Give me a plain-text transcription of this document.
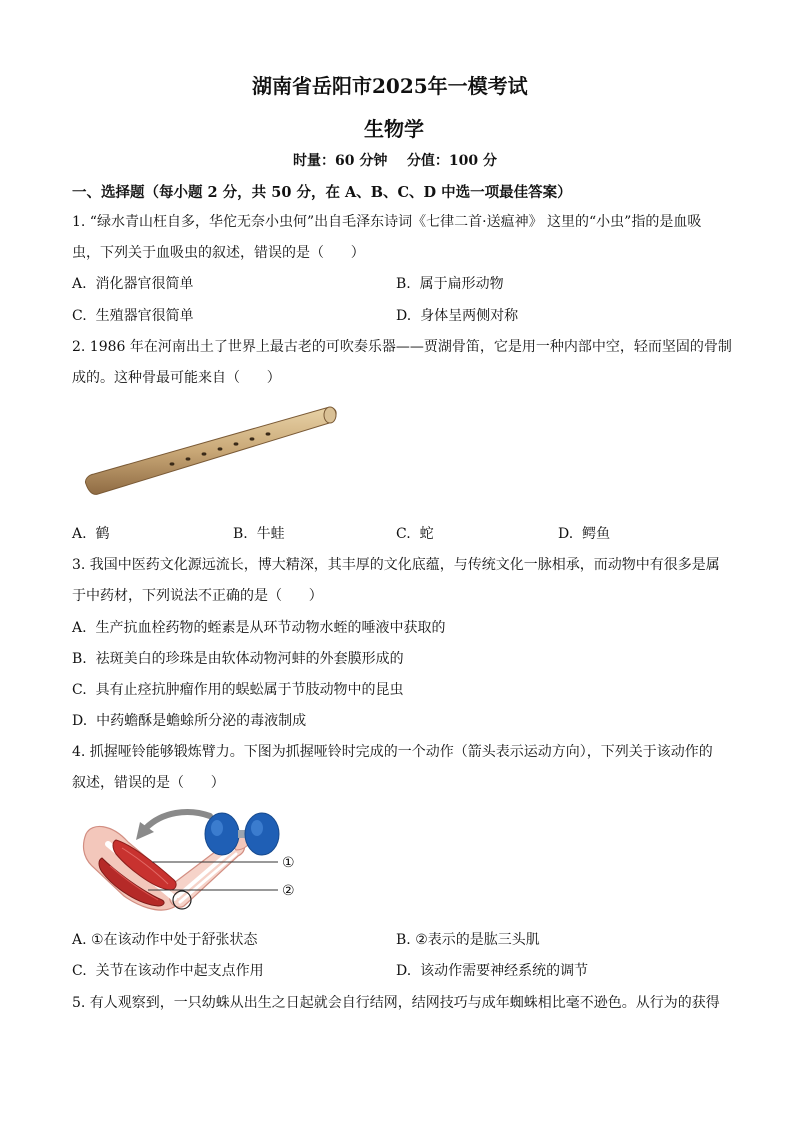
湖南省岳阳市2025年一模考试
生物学
时量：60 分钟    分值：100 分
一、选择题（每小题 2 分，共 50 分，在 A、B、C、D 中选一项最佳答案）
1. “绿水青山枉自多，华佗无奈小虫何”出自毛泽东诗词《七律二首·送瘟神》 这里的“小虫”指的是血吸
虫，下列关于血吸虫的叙述，错误的是（      ）
A.  消化器官很简单	B.  属于扁形动物
C.  生殖器官很简单	D.  身体呈两侧对称
2. 1986 年在河南出土了世界上最古老的可吹奏乐器——贾湖骨笛，它是用一种内部中空，轻而坚固的骨制
成的。这种骨最可能来自（      ）
A.  鹤	B.  牛蛙	C.  蛇	D.  鳄鱼
3. 我国中医药文化源远流长，博大精深，其丰厚的文化底蕴，与传统文化一脉相承，而动物中有很多是属
于中药材，下列说法不正确的是（      ）
A.  生产抗血栓药物的蛭素是从环节动物水蛭的唾液中获取的
B.  祛斑美白的珍珠是由软体动物河蚌的外套膜形成的
C.  具有止痉抗肿瘤作用的蜈蚣属于节肢动物中的昆虫
D.  中药蟾酥是蟾蜍所分泌的毒液制成
4. 抓握哑铃能够锻炼臂力。下图为抓握哑铃时完成的一个动作（箭头表示运动方向），下列关于该动作的
叙述，错误的是（      ）
①
②
A. ①在该动作中处于舒张状态	B. ②表示的是肱三头肌
C.  关节在该动作中起支点作用	D.  该动作需要神经系统的调节
5. 有人观察到，一只幼蛛从出生之日起就会自行结网，结网技巧与成年蜘蛛相比毫不逊色。从行为的获得
